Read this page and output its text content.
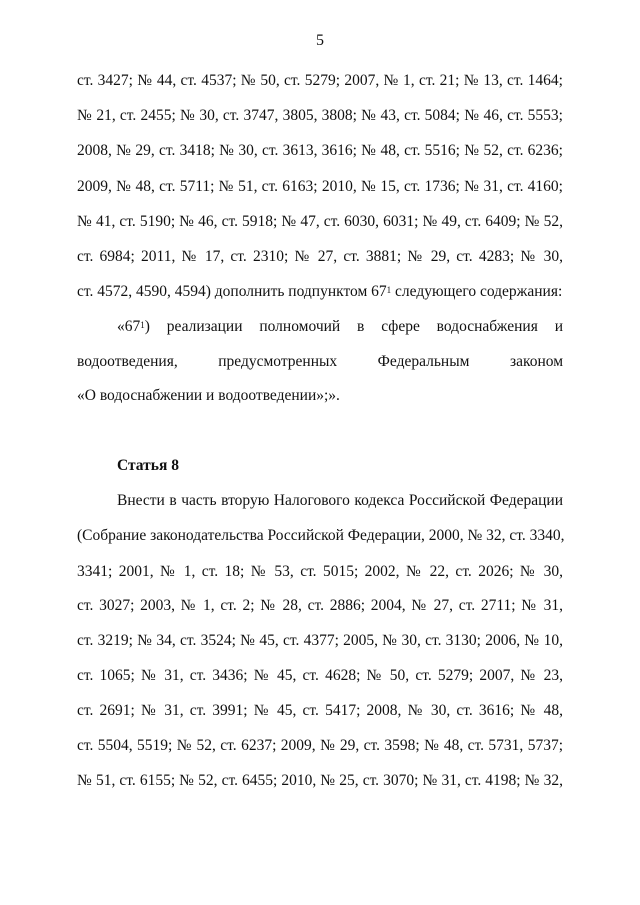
5
ст. 3427; № 44, ст. 4537; № 50, ст. 5279; 2007, № 1, ст. 21; № 13, ст. 1464;
№ 21, ст. 2455; № 30, ст. 3747, 3805, 3808; № 43, ст. 5084; № 46, ст. 5553;
2008, № 29, ст. 3418; № 30, ст. 3613, 3616; № 48, ст. 5516; № 52, ст. 6236;
2009, № 48, ст. 5711; № 51, ст. 6163; 2010, № 15, ст. 1736; № 31, ст. 4160;
№ 41, ст. 5190; № 46, ст. 5918; № 47, ст. 6030, 6031; № 49, ст. 6409; № 52,
ст. 6984; 2011, № 17, ст. 2310; № 27, ст. 3881; № 29, ст. 4283; № 30,
ст. 4572, 4590, 4594) дополнить подпунктом $67^1$ следующего содержания:
«$67^1$) реализации полномочий в сфере водоснабжения и
водоотведения, предусмотренных Федеральным законом
«О водоснабжении и водоотведении»;».
Статья 8
Внести в часть вторую Налогового кодекса Российской Федерации
(Собрание законодательства Российской Федерации, 2000, № 32, ст. 3340,
3341; 2001, № 1, ст. 18; № 53, ст. 5015; 2002, № 22, ст. 2026; № 30,
ст. 3027; 2003, № 1, ст. 2; № 28, ст. 2886; 2004, № 27, ст. 2711; № 31,
ст. 3219; № 34, ст. 3524; № 45, ст. 4377; 2005, № 30, ст. 3130; 2006, № 10,
ст. 1065; № 31, ст. 3436; № 45, ст. 4628; № 50, ст. 5279; 2007, № 23,
ст. 2691; № 31, ст. 3991; № 45, ст. 5417; 2008, № 30, ст. 3616; № 48,
ст. 5504, 5519; № 52, ст. 6237; 2009, № 29, ст. 3598; № 48, ст. 5731, 5737;
№ 51, ст. 6155; № 52, ст. 6455; 2010, № 25, ст. 3070; № 31, ст. 4198; № 32,
